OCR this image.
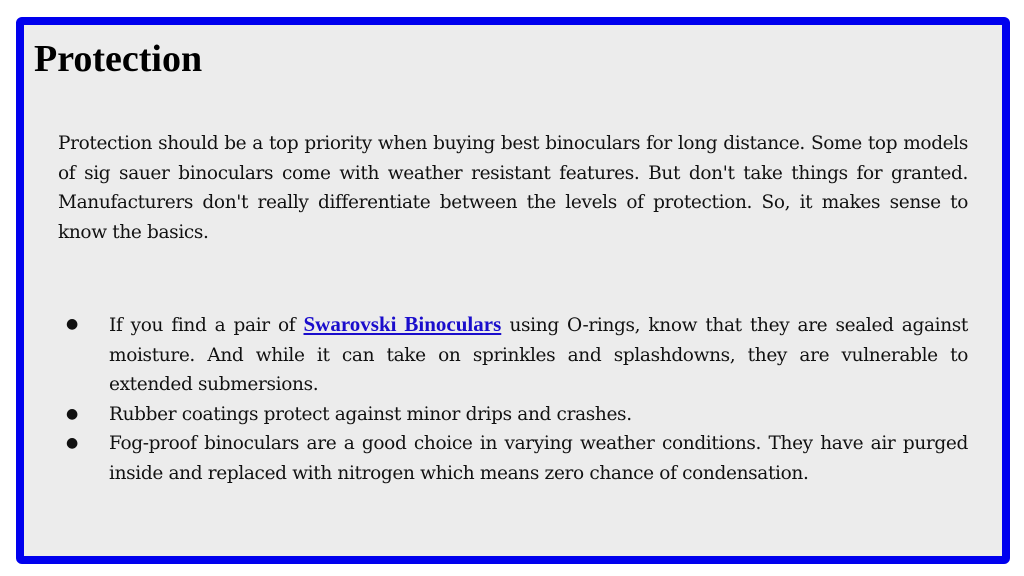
Protection

Protection should be a top priority when buying best binoculars for long distance. Some top models of sig sauer binoculars come with weather resistant features. But don't take things for granted. Manufacturers don't really differentiate between the levels of protection. So, it makes sense to know the basics.

● If you find a pair of Swarovski Binoculars using O-rings, know that they are sealed against moisture. And while it can take on sprinkles and splashdowns, they are vulnerable to extended submersions.
● Rubber coatings protect against minor drips and crashes.
● Fog-proof binoculars are a good choice in varying weather conditions. They have air purged inside and replaced with nitrogen which means zero chance of condensation.
